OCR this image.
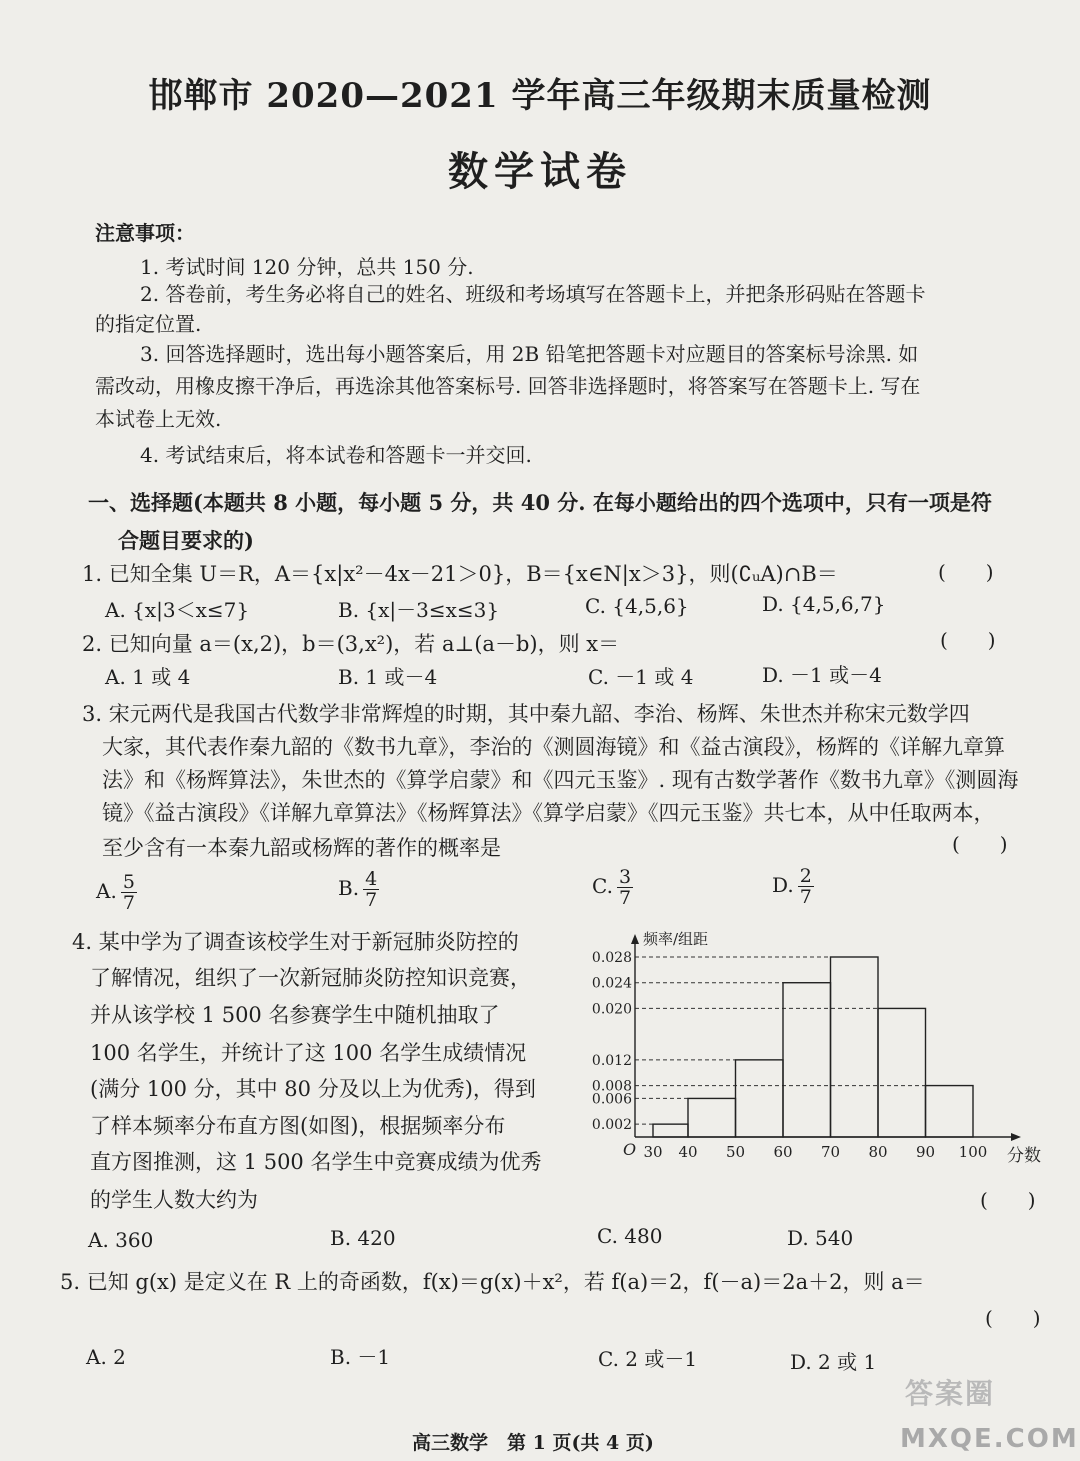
邯郸市 2020—2021 学年高三年级期末质量检测
数学试卷
注意事项：
1. 考试时间 120 分钟，总共 150 分.
2. 答卷前，考生务必将自己的姓名、班级和考场填写在答题卡上，并把条形码贴在答题卡
的指定位置.
3. 回答选择题时，选出每小题答案后，用 2B 铅笔把答题卡对应题目的答案标号涂黑. 如
需改动，用橡皮擦干净后，再选涂其他答案标号. 回答非选择题时，将答案写在答题卡上. 写在
本试卷上无效.
4. 考试结束后，将本试卷和答题卡一并交回.
一、选择题(本题共 8 小题，每小题 5 分，共 40 分. 在每小题给出的四个选项中，只有一项是符
合题目要求的)
1. 已知全集 U＝R，A＝{x|x²－4x－21＞0}，B＝{x∈N|x＞3}，则(∁ᵤA)∩B＝	(　　)
A. {x|3＜x≤7}	B. {x|－3≤x≤3}	C. {4,5,6}	D. {4,5,6,7}
2. 已知向量 a＝(x,2)，b＝(3,x²)，若 a⊥(a－b)，则 x＝	(　　)
A. 1 或 4	B. 1 或－4	C. －1 或 4	D. －1 或－4
3. 宋元两代是我国古代数学非常辉煌的时期，其中秦九韶、李治、杨辉、朱世杰并称宋元数学四
大家，其代表作秦九韶的《数书九章》，李治的《测圆海镜》和《益古演段》，杨辉的《详解九章算
法》和《杨辉算法》，朱世杰的《算学启蒙》和《四元玉鉴》. 现有古数学著作《数书九章》《测圆海
镜》《益古演段》《详解九章算法》《杨辉算法》《算学启蒙》《四元玉鉴》共七本，从中任取两本，
至少含有一本秦九韶或杨辉的著作的概率是	(　　)
A. $\frac{5}{7}$	B. $\frac{4}{7}$	C. $\frac{3}{7}$	D. $\frac{2}{7}$
4. 某中学为了调查该校学生对于新冠肺炎防控的
了解情况，组织了一次新冠肺炎防控知识竞赛，
并从该学校 1 500 名参赛学生中随机抽取了
100 名学生，并统计了这 100 名学生成绩情况
(满分 100 分，其中 80 分及以上为优秀)，得到
了样本频率分布直方图(如图)，根据频率分布
直方图推测，这 1 500 名学生中竞赛成绩为优秀
的学生人数大约为	(　　)
0.028
0.024
0.020
0.012
0.008
0.006
0.002
30 40 50 60 70 80 90 100
O
频率/组距
分数
A. 360	B. 420	C. 480	D. 540
5. 已知 g(x) 是定义在 R 上的奇函数，f(x)＝g(x)＋x²，若 f(a)＝2，f(－a)＝2a＋2，则 a＝
(　　)
A. 2	B. －1	C. 2 或－1	D. 2 或 1
答案圈
高三数学　第 1 页(共 4 页)	MXQE.COM
